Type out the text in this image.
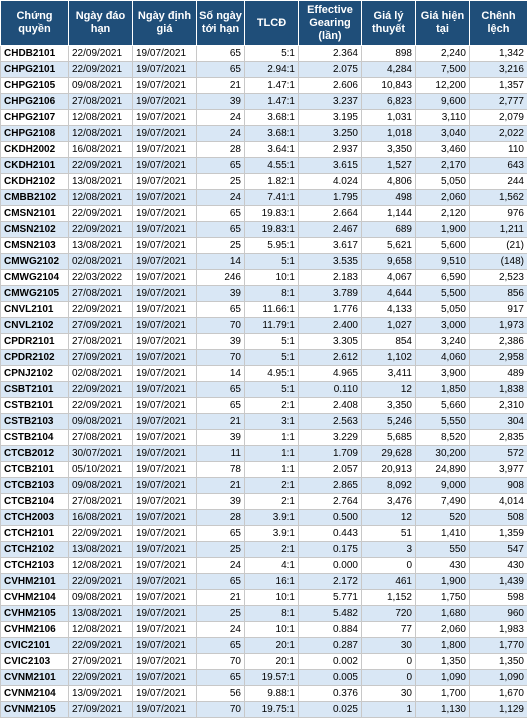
Chứng quyền	Ngày đáo hạn	Ngày định giá	Số ngày tới hạn	TLCĐ	Effective Gearing (lần)	Giá lý thuyết	Giá hiện tại	Chênh lệch
CHDB2101	22/09/2021	19/07/2021	65	5:1	2.364	898	2,240	1,342
CHPG2101	22/09/2021	19/07/2021	65	2.94:1	2.075	4,284	7,500	3,216
CHPG2105	09/08/2021	19/07/2021	21	1.47:1	2.606	10,843	12,200	1,357
CHPG2106	27/08/2021	19/07/2021	39	1.47:1	3.237	6,823	9,600	2,777
CHPG2107	12/08/2021	19/07/2021	24	3.68:1	3.195	1,031	3,110	2,079
CHPG2108	12/08/2021	19/07/2021	24	3.68:1	3.250	1,018	3,040	2,022
CKDH2002	16/08/2021	19/07/2021	28	3.64:1	2.937	3,350	3,460	110
CKDH2101	22/09/2021	19/07/2021	65	4.55:1	3.615	1,527	2,170	643
CKDH2102	13/08/2021	19/07/2021	25	1.82:1	4.024	4,806	5,050	244
CMBB2102	12/08/2021	19/07/2021	24	7.41:1	1.795	498	2,060	1,562
CMSN2101	22/09/2021	19/07/2021	65	19.83:1	2.664	1,144	2,120	976
CMSN2102	22/09/2021	19/07/2021	65	19.83:1	2.467	689	1,900	1,211
CMSN2103	13/08/2021	19/07/2021	25	5.95:1	3.617	5,621	5,600	(21)
CMWG2102	02/08/2021	19/07/2021	14	5:1	3.535	9,658	9,510	(148)
CMWG2104	22/03/2022	19/07/2021	246	10:1	2.183	4,067	6,590	2,523
CMWG2105	27/08/2021	19/07/2021	39	8:1	3.789	4,644	5,500	856
CNVL2101	22/09/2021	19/07/2021	65	11.66:1	1.776	4,133	5,050	917
CNVL2102	27/09/2021	19/07/2021	70	11.79:1	2.400	1,027	3,000	1,973
CPDR2101	27/08/2021	19/07/2021	39	5:1	3.305	854	3,240	2,386
CPDR2102	27/09/2021	19/07/2021	70	5:1	2.612	1,102	4,060	2,958
CPNJ2102	02/08/2021	19/07/2021	14	4.95:1	4.965	3,411	3,900	489
CSBT2101	22/09/2021	19/07/2021	65	5:1	0.110	12	1,850	1,838
CSTB2101	22/09/2021	19/07/2021	65	2:1	2.408	3,350	5,660	2,310
CSTB2103	09/08/2021	19/07/2021	21	3:1	2.563	5,246	5,550	304
CSTB2104	27/08/2021	19/07/2021	39	1:1	3.229	5,685	8,520	2,835
CTCB2012	30/07/2021	19/07/2021	11	1:1	1.709	29,628	30,200	572
CTCB2101	05/10/2021	19/07/2021	78	1:1	2.057	20,913	24,890	3,977
CTCB2103	09/08/2021	19/07/2021	21	2:1	2.865	8,092	9,000	908
CTCB2104	27/08/2021	19/07/2021	39	2:1	2.764	3,476	7,490	4,014
CTCH2003	16/08/2021	19/07/2021	28	3.9:1	0.500	12	520	508
CTCH2101	22/09/2021	19/07/2021	65	3.9:1	0.443	51	1,410	1,359
CTCH2102	13/08/2021	19/07/2021	25	2:1	0.175	3	550	547
CTCH2103	12/08/2021	19/07/2021	24	4:1	0.000	0	430	430
CVHM2101	22/09/2021	19/07/2021	65	16:1	2.172	461	1,900	1,439
CVHM2104	09/08/2021	19/07/2021	21	10:1	5.771	1,152	1,750	598
CVHM2105	13/08/2021	19/07/2021	25	8:1	5.482	720	1,680	960
CVHM2106	12/08/2021	19/07/2021	24	10:1	0.884	77	2,060	1,983
CVIC2101	22/09/2021	19/07/2021	65	20:1	0.287	30	1,800	1,770
CVIC2103	27/09/2021	19/07/2021	70	20:1	0.002	0	1,350	1,350
CVNM2101	22/09/2021	19/07/2021	65	19.57:1	0.005	0	1,090	1,090
CVNM2104	13/09/2021	19/07/2021	56	9.88:1	0.376	30	1,700	1,670
CVNM2105	27/09/2021	19/07/2021	70	19.75:1	0.025	1	1,130	1,129
